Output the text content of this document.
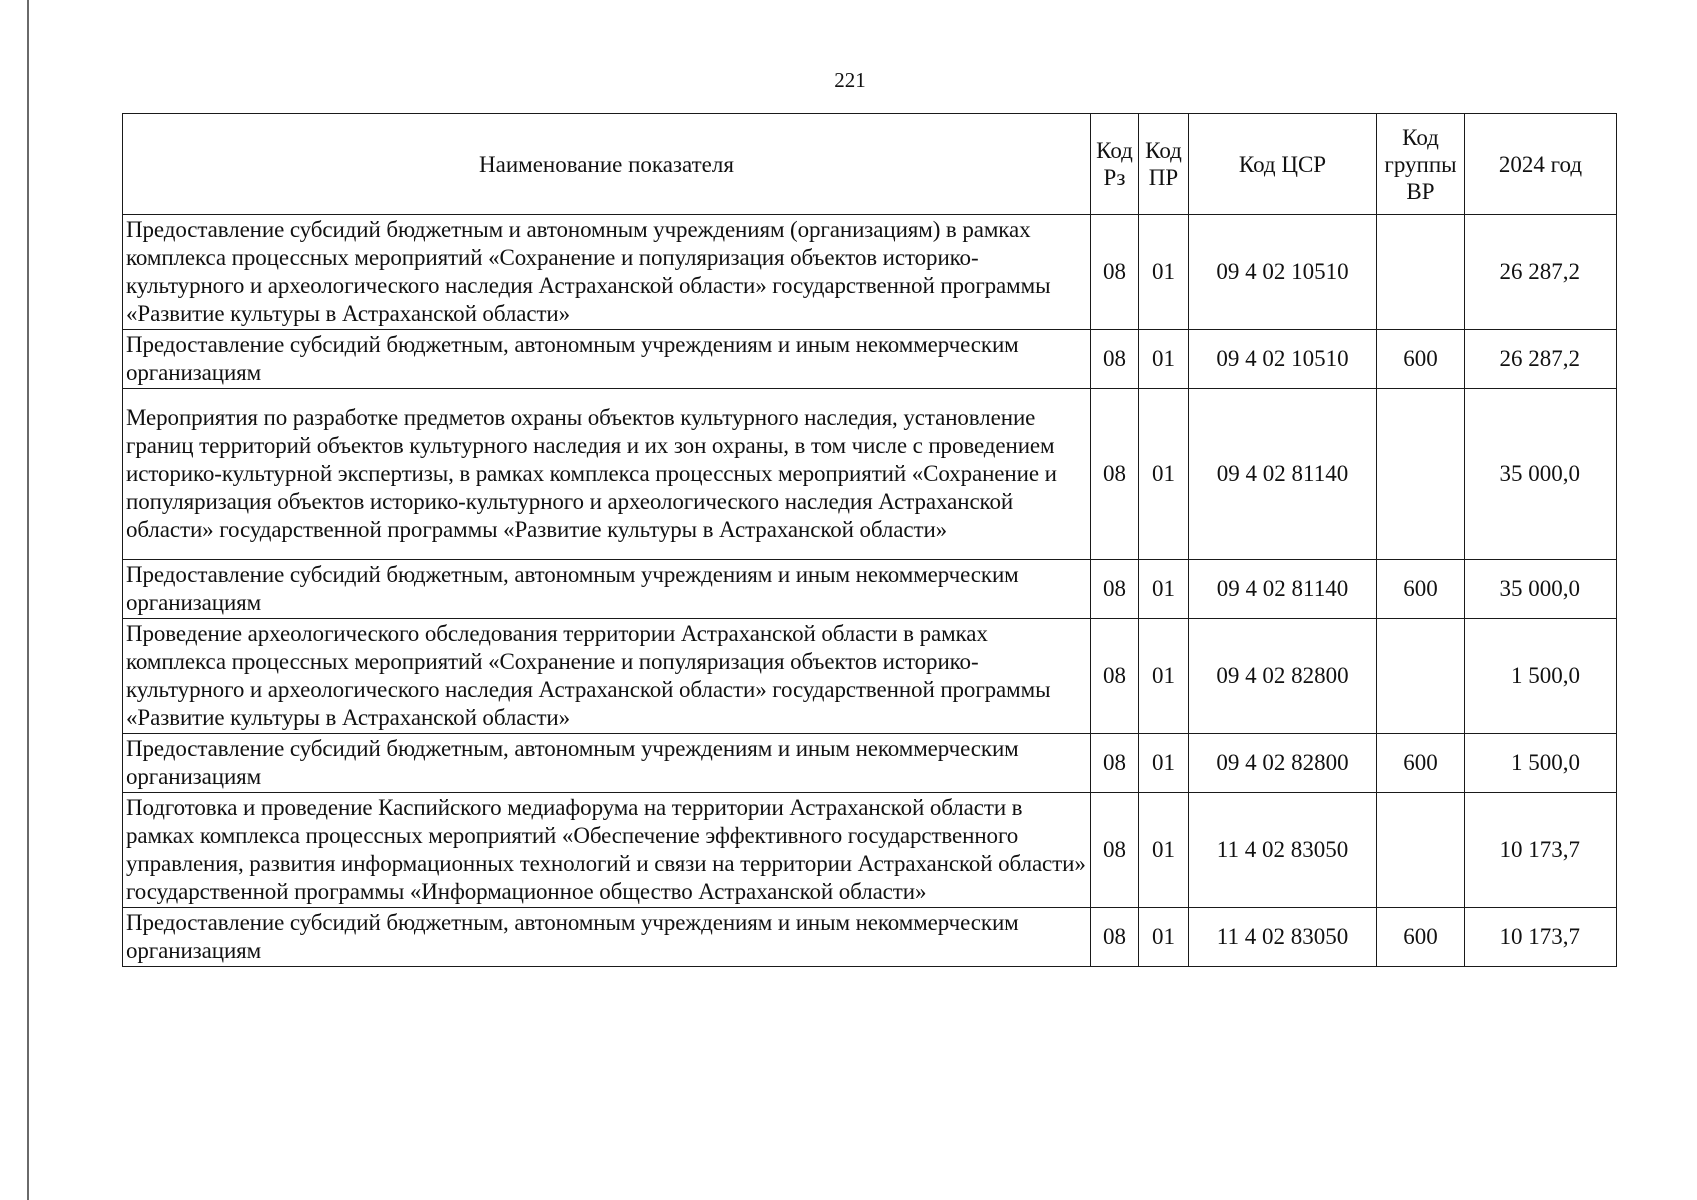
221
Наименование показателя	Код Рз	Код ПР	Код ЦСР	Код группы ВР	2024 год
Предоставление субсидий бюджетным и автономным учреждениям (организациям) в рамках комплекса процессных мероприятий «Сохранение и популяризация объектов историко-культурного и археологического наследия Астраханской области» государственной программы «Развитие культуры в Астраханской области»	08	01	09 4 02 10510		26 287,2
Предоставление субсидий бюджетным, автономным учреждениям и иным некоммерческим организациям	08	01	09 4 02 10510	600	26 287,2
Мероприятия по разработке предметов охраны объектов культурного наследия, установление границ территорий объектов культурного наследия и их зон охраны, в том числе с проведением историко-культурной экспертизы, в рамках комплекса процессных мероприятий «Сохранение и популяризация объектов историко-культурного и археологического наследия Астраханской области» государственной программы «Развитие культуры в Астраханской области»	08	01	09 4 02 81140		35 000,0
Предоставление субсидий бюджетным, автономным учреждениям и иным некоммерческим организациям	08	01	09 4 02 81140	600	35 000,0
Проведение археологического обследования территории Астраханской области в рамках комплекса процессных мероприятий «Сохранение и популяризация объектов историко-культурного и археологического наследия Астраханской области» государственной программы «Развитие культуры в Астраханской области»	08	01	09 4 02 82800		1 500,0
Предоставление субсидий бюджетным, автономным учреждениям и иным некоммерческим организациям	08	01	09 4 02 82800	600	1 500,0
Подготовка и проведение Каспийского медиафорума на территории Астраханской области в рамках комплекса процессных мероприятий «Обеспечение эффективного государственного управления, развития информационных технологий и связи на территории Астраханской области» государственной программы «Информационное общество Астраханской области»	08	01	11 4 02 83050		10 173,7
Предоставление субсидий бюджетным, автономным учреждениям и иным некоммерческим организациям	08	01	11 4 02 83050	600	10 173,7
